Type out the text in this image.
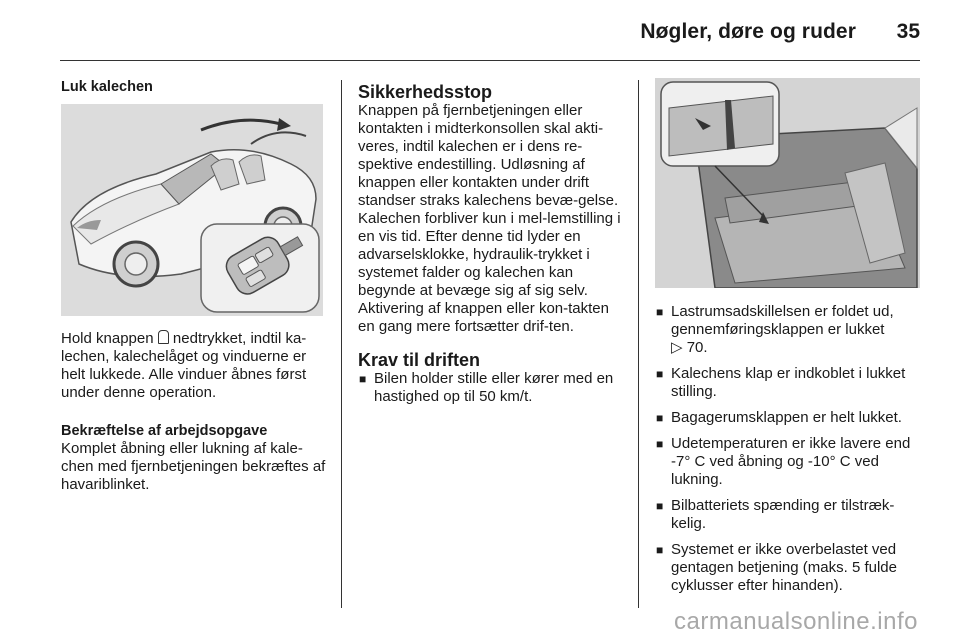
Nøgler, døre og ruder 35
Luk kalechen

Hold knappen  nedtrykket, indtil ka-lechen, kalechelåget og vinduerne er helt lukkede. Alle vinduer åbnes først under denne operation.

Bekræftelse af arbejdsopgave

Komplet åbning eller lukning af kale-chen med fjernbetjeningen bekræftes af havariblinket.

Sikkerhedsstop

Knappen på fjernbetjeningen eller kontakten i midterkonsollen skal akti-veres, indtil kalechen er i dens re-spektive endestilling. Udløsning af knappen eller kontakten under drift standser straks kalechens bevæ-gelse. Kalechen forbliver kun i mel-lemstilling i en vis tid. Efter denne tid lyder en advarselsklokke, hydraulik-trykket i systemet falder og kalechen kan begynde at bevæge sig af sig selv. Aktivering af knappen eller kon-takten en gang mere fortsætter drif-ten.

Krav til driften
■ Bilen holder stille eller kører med en hastighed op til 50 km/t.
■ Lastrumsadskillelsen er foldet ud, gennemføringsklappen er lukket
▷ 70.
■ Kalechens klap er indkoblet i lukket stilling.
■ Bagagerumsklappen er helt lukket.
■ Udetemperaturen er ikke lavere end -7° C ved åbning og -10° C ved lukning.
■ Bilbatteriets spænding er tilstræk-kelig.
■ Systemet er ikke overbelastet ved gentagen betjening (maks. 5 fulde cyklusser efter hinanden).
carmanualsonline.info
